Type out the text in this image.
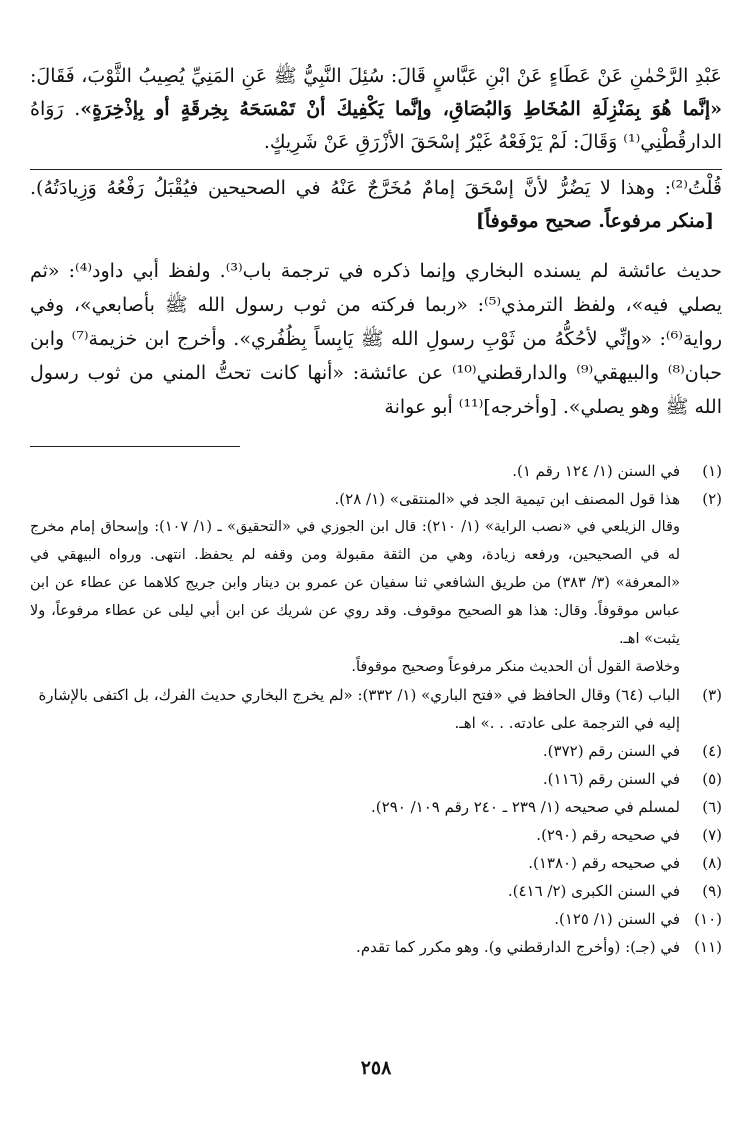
عَبْدِ الرَّحْمٰنِ عَنْ عَطَاءٍ عَنْ ابْنِ عَبَّاسٍ قَالَ: سُئِلَ النَّبِيُّ ﷺ عَنِ المَنِيِّ يُصِيبُ الثَّوْبَ، فَقَالَ: «إنَّما هُوَ بِمَنْزِلَةِ المُخَاطِ وَالبُصَاقِ، وإنَّما يَكْفِيكَ أنْ تَمْسَحَهُ بِخِرقَةٍ أو بِإذْخِرَةٍ». رَوَاهُ الدارقُطْنِي⁽¹⁾ وَقَالَ: لَمْ يَرْفَعْهُ غَيْرُ إسْحَقَ الأزْرَقِ عَنْ شَرِيكٍ.

قُلْتُ⁽²⁾: وهذا لا يَضُرُّ لأنَّ إسْحَقَ إمامٌ مُخَرَّجٌ عَنْهُ في الصحيحين فيُقْبَلُ رَفْعُهُ وَزِيادَتُهُ). [منكر مرفوعاً. صحيح موقوفاً]

حديث عائشة لم يسنده البخاري وإنما ذكره في ترجمة باب⁽³⁾. ولفظ أبي داود⁽⁴⁾: «ثم يصلي فيه»، ولفظ الترمذي⁽⁵⁾: «ربما فركته من ثوب رسول الله ﷺ بأصابعي»، وفي رواية⁽⁶⁾: «وإنِّي لأحُكُّهُ من ثَوْبِ رسولِ الله ﷺ يَابِساً بِظُفُري». وأخرج ابن خزيمة⁽⁷⁾ وابن حبان⁽⁸⁾ والبيهقي⁽⁹⁾ والدارقطني⁽¹⁰⁾ عن عائشة: «أنها كانت تحتُّ المني من ثوب رسول الله ﷺ وهو يصلي». [وأخرجه]⁽¹¹⁾ أبو عوانة

(١)
في السنن (١/ ١٢٤ رقم ١).
(٢)
هذا قول المصنف ابن تيمية الجد في «المنتقى» (١/ ٢٨).
وقال الزيلعي في «نصب الراية» (١/ ٢١٠): قال ابن الجوزي في «التحقيق» ـ (١/ ١٠٧): وإسحاق إمام مخرج له في الصحيحين، ورفعه زيادة، وهي من الثقة مقبولة ومن وقفه لم يحفظ. انتهى. ورواه البيهقي في «المعرفة» (٣/ ٣٨٣) من طريق الشافعي ثنا سفيان عن عمرو بن دينار وابن جريج كلاهما عن عطاء عن ابن عباس موقوفاً. وقال: هذا هو الصحيح موقوف. وقد روي عن شريك عن ابن أبي ليلى عن عطاء مرفوعاً، ولا يثبت» اهـ.
وخلاصة القول أن الحديث منكر مرفوعاً وصحيح موقوفاً.
(٣)
الباب (٦٤) وقال الحافظ في «فتح الباري» (١/ ٣٣٢): «لم يخرج البخاري حديث الفرك، بل اكتفى بالإشارة إليه في الترجمة على عادته. . .» اهـ.
(٤)
في السنن رقم (٣٧٢).
(٥)
في السنن رقم (١١٦).
(٦)
لمسلم في صحيحه (١/ ٢٣٩ ـ ٢٤٠ رقم ١٠٩/ ٢٩٠).
(٧)
في صحيحه رقم (٢٩٠).
(٨)
في صحيحه رقم (١٣٨٠).
(٩)
في السنن الكبرى (٢/ ٤١٦).
(١٠)
في السنن (١/ ١٢٥).
(١١)
في (جـ): (وأخرج الدارقطني و). وهو مكرر كما تقدم.
٢٥٨
